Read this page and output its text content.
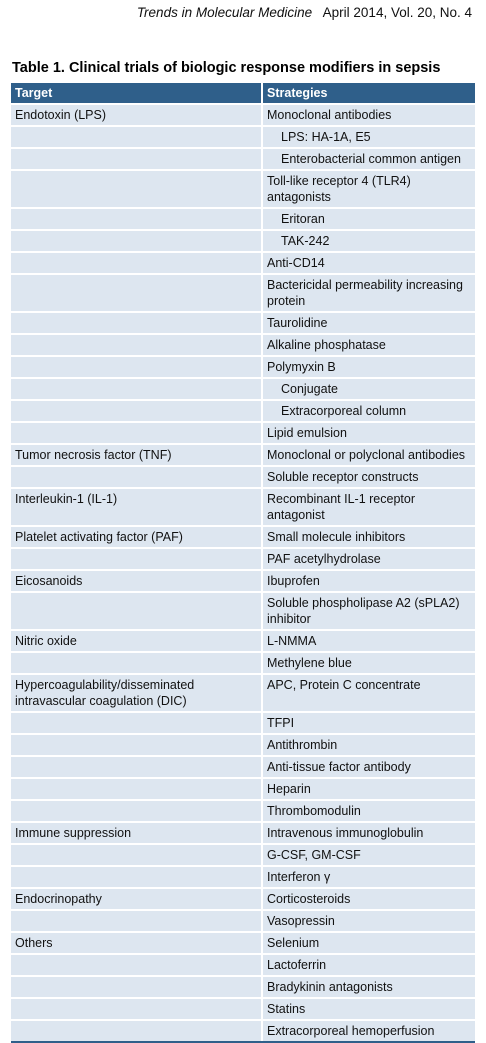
Trends in Molecular Medicine April 2014, Vol. 20, No. 4
Table 1. Clinical trials of biologic response modifiers in sepsis
Target	Strategies
Endotoxin (LPS)	Monoclonal antibodies
	LPS: HA-1A, E5
	Enterobacterial common antigen
	Toll-like receptor 4 (TLR4) antagonists
	Eritoran
	TAK-242
	Anti-CD14
	Bactericidal permeability increasing protein
	Taurolidine
	Alkaline phosphatase
	Polymyxin B
	Conjugate
	Extracorporeal column
	Lipid emulsion
Tumor necrosis factor (TNF)	Monoclonal or polyclonal antibodies
	Soluble receptor constructs
Interleukin-1 (IL-1)	Recombinant IL-1 receptor antagonist
Platelet activating factor (PAF)	Small molecule inhibitors
	PAF acetylhydrolase
Eicosanoids	Ibuprofen
	Soluble phospholipase A2 (sPLA2) inhibitor
Nitric oxide	L-NMMA
	Methylene blue
Hypercoagulability/disseminated intravascular coagulation (DIC)	APC, Protein C concentrate
	TFPI
	Antithrombin
	Anti-tissue factor antibody
	Heparin
	Thrombomodulin
Immune suppression	Intravenous immunoglobulin
	G-CSF, GM-CSF
	Interferon γ
Endocrinopathy	Corticosteroids
	Vasopressin
Others	Selenium
	Lactoferrin
	Bradykinin antagonists
	Statins
	Extracorporeal hemoperfusion
